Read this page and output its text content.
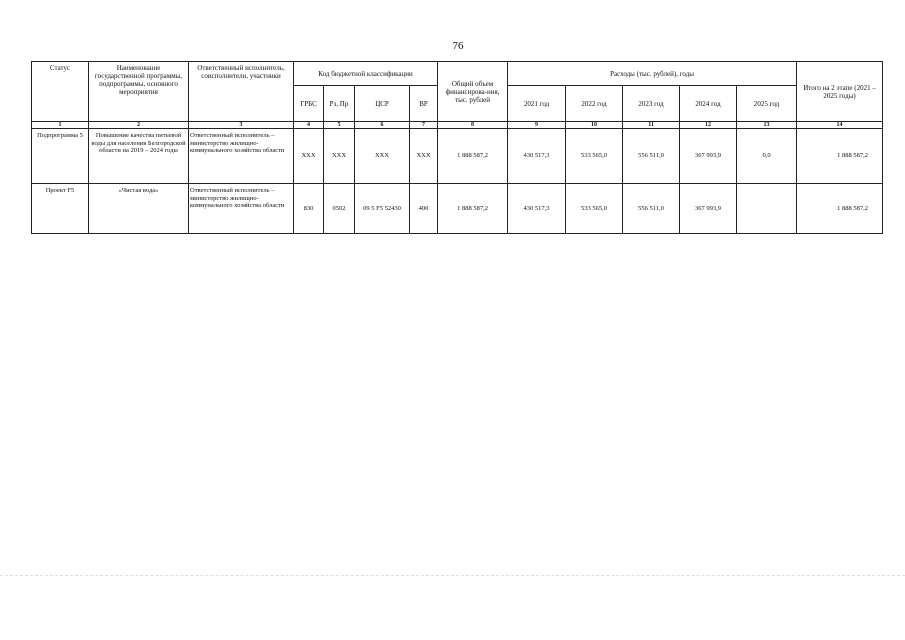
76
Статус	Наименование государственной программы, подпрограммы, основного мероприятия	Ответственный исполнитель, соисполнители, участники	Код бюджетной классификации				Общий объем финансирова-ния, тыс. рублей	Расходы (тыс. рублей), годы					Итого на 2 этапе (2021 – 2025 годы)
			ГРБС	Рз, Пр	ЦСР	ВР		2021 год	2022 год	2023 год	2024 год	2025 год	
1	2	3	4	5	6	7	8	9	10	11	12	13	14
Подпрограмма 5	Повышение качества питьевой воды для населения Белгородской области на 2019 – 2024 годы	Ответственный исполнитель – министерство жилищно-коммунального хозяйства области	XXX	XXX	XXX	XXX	1 888 587,2	430 517,3	533 565,0	556 511,0	367 993,9	0,0	1 888 587,2
Проект F5	«Чистая вода»	Ответственный исполнитель – министерство жилищно-коммунального хозяйства области	830	0502	09 5 F5 52430	400	1 888 587,2	430 517,3	533 565,0	556 511,0	367 993,9		1 888 587,2
